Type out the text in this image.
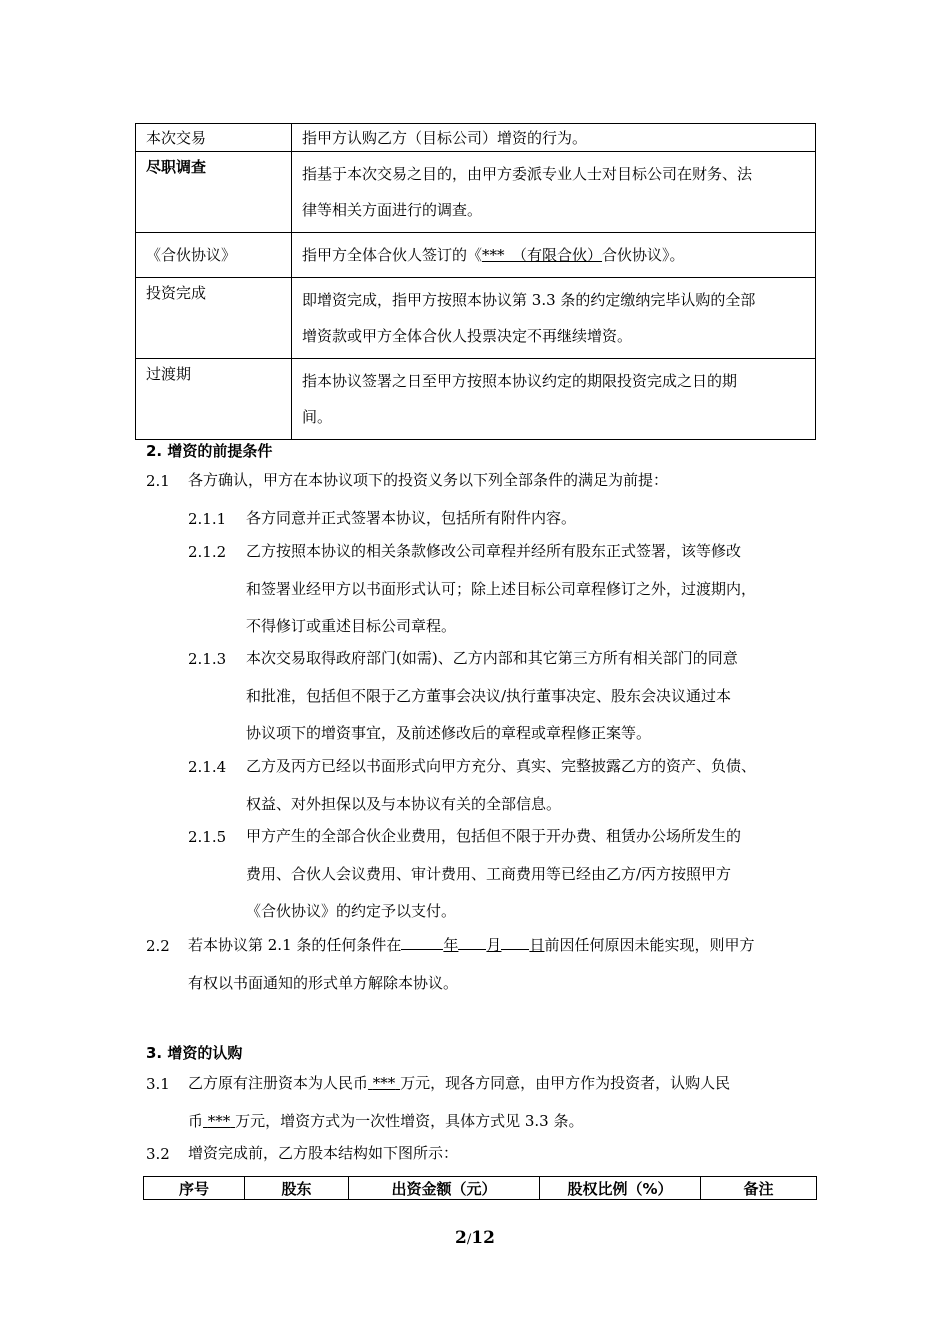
本次交易	指甲方认购乙方（目标公司）增资的行为。
尽职调查	指基于本次交易之目的，由甲方委派专业人士对目标公司在财务、法
律等相关方面进行的调查。
《合伙协议》	指甲方全体合伙人签订的《***　（有限合伙）合伙协议》。
投资完成	即增资完成，指甲方按照本协议第 3.3 条的约定缴纳完毕认购的全部
增资款或甲方全体合伙人投票决定不再继续增资。
过渡期	指本协议签署之日至甲方按照本协议约定的期限投资完成之日的期
间。
2. 增资的前提条件
2.1 各方确认，甲方在本协议项下的投资义务以下列全部条件的满足为前提：
2.1.1 各方同意并正式签署本协议，包括所有附件内容。
2.1.2 乙方按照本协议的相关条款修改公司章程并经所有股东正式签署，该等修改
和签署业经甲方以书面形式认可；除上述目标公司章程修订之外，过渡期内，
不得修订或重述目标公司章程。
2.1.3 本次交易取得政府部门(如需)、乙方内部和其它第三方所有相关部门的同意
和批准，包括但不限于乙方董事会决议/执行董事决定、股东会决议通过本
协议项下的增资事宜，及前述修改后的章程或章程修正案等。
2.1.4 乙方及丙方已经以书面形式向甲方充分、真实、完整披露乙方的资产、负债、
权益、对外担保以及与本协议有关的全部信息。
2.1.5 甲方产生的全部合伙企业费用，包括但不限于开办费、租赁办公场所发生的
费用、合伙人会议费用、审计费用、工商费用等已经由乙方/丙方按照甲方
《合伙协议》的约定予以支付。
2.2 若本协议第 2.1 条的任何条件在	年 月 日前因任何原因未能实现，则甲方
有权以书面通知的形式单方解除本协议。
3. 增资的认购
3.1 乙方原有注册资本为人民币 *** 万元，现各方同意，由甲方作为投资者，认购人民
币 *** 万元，增资方式为一次性增资，具体方式见 3.3 条。
3.2 增资完成前，乙方股本结构如下图所示：
序号	股东	出资金额（元）	股权比例（%）	备注
2/12
